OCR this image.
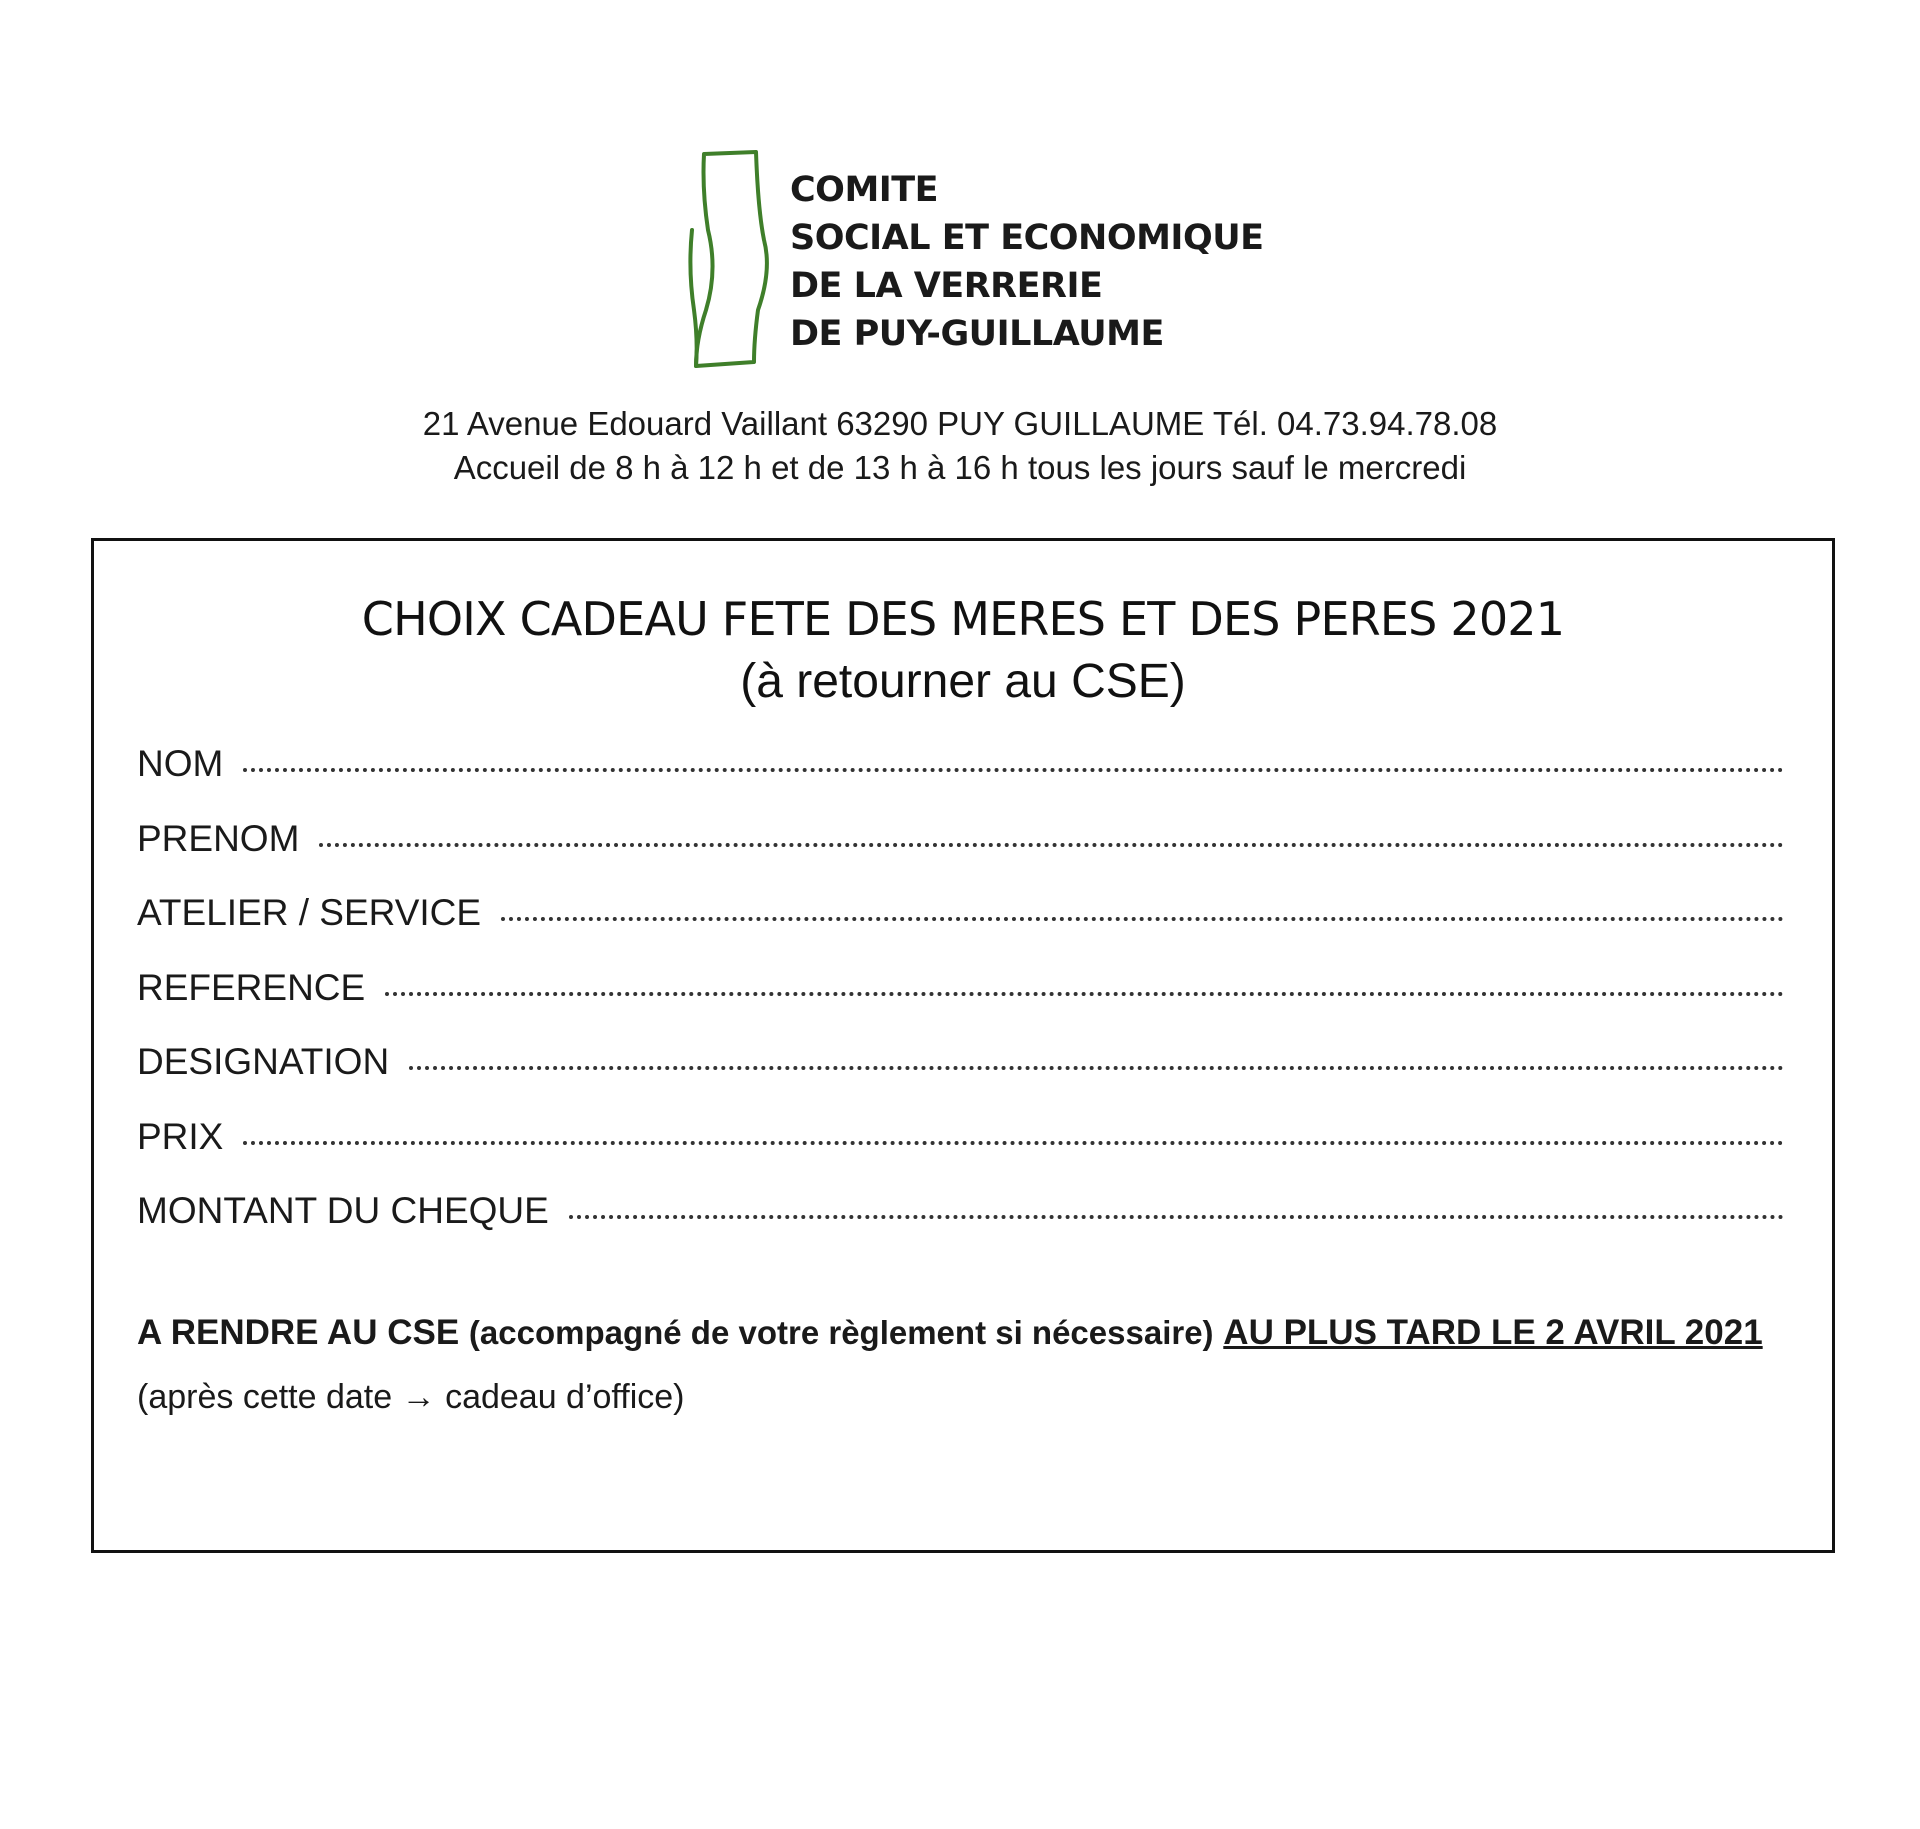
COMITE
SOCIAL ET ECONOMIQUE
DE LA VERRERIE
DE PUY-GUILLAUME
21 Avenue Edouard Vaillant 63290 PUY GUILLAUME Tél. 04.73.94.78.08
Accueil de 8 h à 12 h et de 13 h à 16 h tous les jours sauf le mercredi
CHOIX CADEAU FETE DES MERES ET DES PERES 2021
(à retourner au CSE)
NOM
PRENOM
ATELIER / SERVICE
REFERENCE
DESIGNATION
PRIX
MONTANT DU CHEQUE
A RENDRE AU CSE (accompagné de votre règlement si nécessaire) AU PLUS TARD LE 2 AVRIL 2021
(après cette date → cadeau d’office)
